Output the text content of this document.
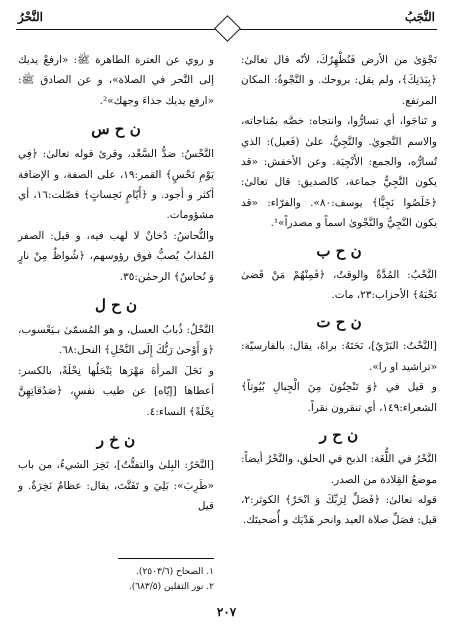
النَّجَبُ
النَّحْرُ

نَجْوَىٰ من الأرض فَنُظْهِرُكَ، لأنّه قال تعالىٰ: ﴿بِبَدَنِكَ﴾، ولم يقل: بروحك. و النَّجْوةُ: المكان المرتفع.

و تَناجَوا، أي تسارُّوا، وانتجاه: خصَّه بمُناجاته، والاسم النَّجويٰ. والنَّجِيُّ، علىٰ (فَعيل): الذي تُسارُّه، والجمع: الأَنْجِيَة. وعن الأخفش: «قد يكون النَّجِيُّ جماعة، كالصديق: قال تعالىٰ: ﴿خَلَصُوا نَجِيًّا﴾ يوسف:٨٠». والفرّاء: «قد يكون النَّجِيُّ والنَّجْوىٰ اسماً و مصدراً»¹.

ن ح ب

النَّحْبُ: المُدَّةُ والوقتُ، ﴿فَمِنْهُمْ مَنْ قَضىٰ نَحْبَهُ﴾ الأحزاب:٢٣، مات.

ن ح ت

[النَّحْتُ: البَرْيُ]، نَحَتَهُ: براهُ، يقال: بالفارسيّة: «تراشيد او را».

و قيل في ﴿وَ تَنْحِتُونَ مِنَ الْجِبالِ بُيُوتاً﴾ الشعراء:١٤٩، أي تنقرون نقراً.

ن ح ر

النَّحْرُ في اللُّغَة: الذبح في الحلق، والنَّحْرُ أيضاً: موضعُ القِلادة من الصدر.

قوله تعالىٰ: ﴿فَصَلِّ لِرَبِّكَ وَ انْحَرْ﴾ الكوثر:٢، قيل: فصَلِّ صلاة العيد وانحر هَدْيَك و أُضحيتَك.

و روي عن العترة الطاهرة ﷺ: «ارفعْ يديك إلى النَّحر في الصلاة»، و عن الصادق ﷺ: «ارفع يديك جذاءَ وجهك»².

ن ح س

النَّحْسُ: ضدُّ السَّعْد، وقرئ قوله تعالىٰ: ﴿فِي يَوْمِ نَحْسٍ﴾ القمر:١٩، على الصفة، و الإضافة أكثر و أجود. و ﴿أَيّامٍ نَحِساتٍ﴾ فصّلت:١٦، أي مشؤومات.

والنُّحاسُ: دُخانٌ لا لهب فيه، و قيل: الصفر المُذابُ يُصبُّ فوق رؤوسهم، ﴿شُواظٌ مِنْ نارٍ وَ نُحاسٌ﴾ الرحمٰن:٣٥.

ن ح ل

النَّحْلُ: ذُبابُ العسل، و هو المُسمّىٰ بـيَعْسوب، ﴿وَ أَوْحىٰ رَبُّكَ إِلَى النَّحْلِ﴾ النحل:٦٨.

و نَحَلَ المرأةَ مَهْرَها يَنْحَلُها نِحْلَةً، بالكسر: أعطاها [إيّاه] عن طيب نفسٍ، ﴿صَدُقاتِهِنَّ نِحْلَةً﴾ النساء:٤.

ن خ ر

[النَّخَرُ: البِلىٰ والتفتُّتُ]، نَخِرَ الشيءُ، من باب «طَرِبَ»: بَلِيَ و تَفَتَّتَ، يقال: عظامٌ نَخِرَةٌ. و قيل

١. الصحاح (٢٥٠٣/٦).

٢. نور الثقلين (٦٨٣/٥).

٢٠٧
